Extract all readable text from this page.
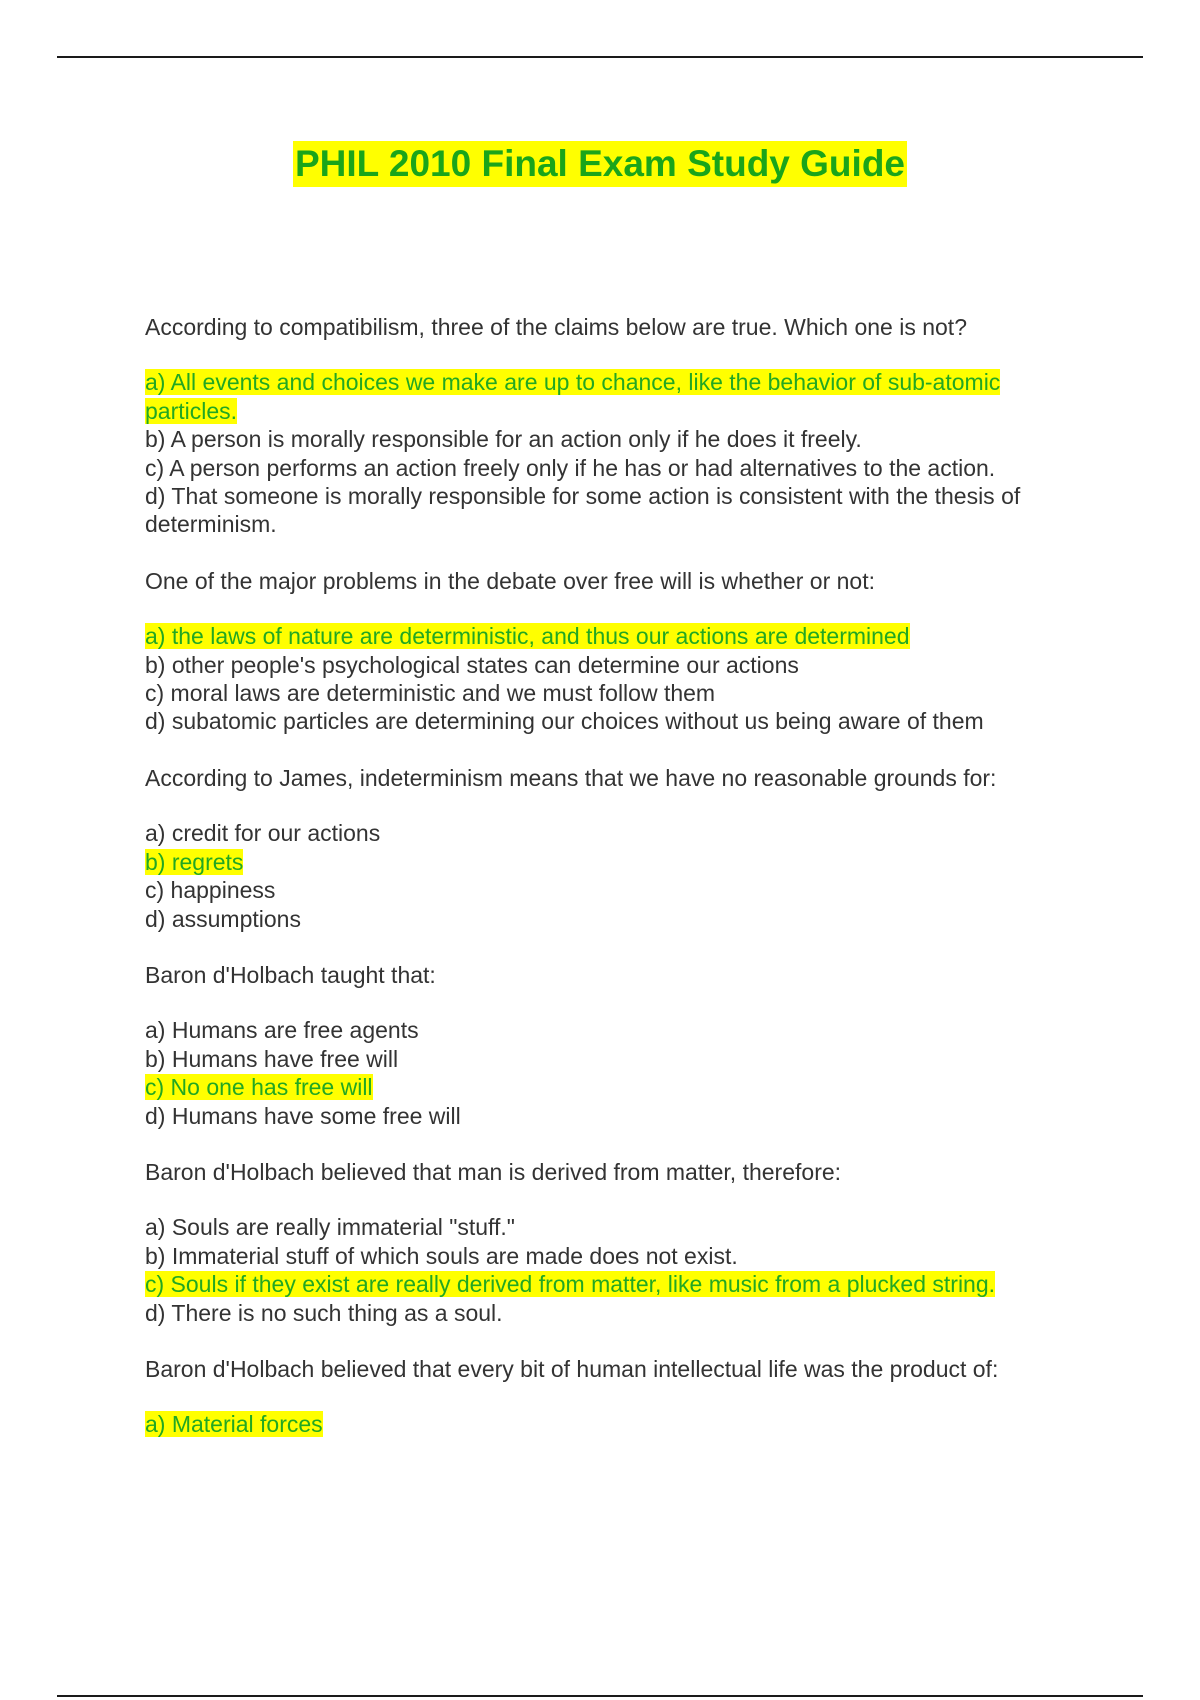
PHIL 2010 Final Exam Study Guide
According to compatibilism, three of the claims below are true. Which one is not?
a) All events and choices we make are up to chance, like the behavior of sub-atomic particles.
b) A person is morally responsible for an action only if he does it freely.
c) A person performs an action freely only if he has or had alternatives to the action.
d) That someone is morally responsible for some action is consistent with the thesis of determinism.
One of the major problems in the debate over free will is whether or not:
a) the laws of nature are deterministic, and thus our actions are determined
b) other people's psychological states can determine our actions
c) moral laws are deterministic and we must follow them
d) subatomic particles are determining our choices without us being aware of them
According to James, indeterminism means that we have no reasonable grounds for:
a) credit for our actions
b) regrets
c) happiness
d) assumptions
Baron d'Holbach taught that:
a) Humans are free agents
b) Humans have free will
c) No one has free will
d) Humans have some free will
Baron d'Holbach believed that man is derived from matter, therefore:
a) Souls are really immaterial "stuff."
b) Immaterial stuff of which souls are made does not exist.
c) Souls if they exist are really derived from matter, like music from a plucked string.
d) There is no such thing as a soul.
Baron d'Holbach believed that every bit of human intellectual life was the product of:
a) Material forces
